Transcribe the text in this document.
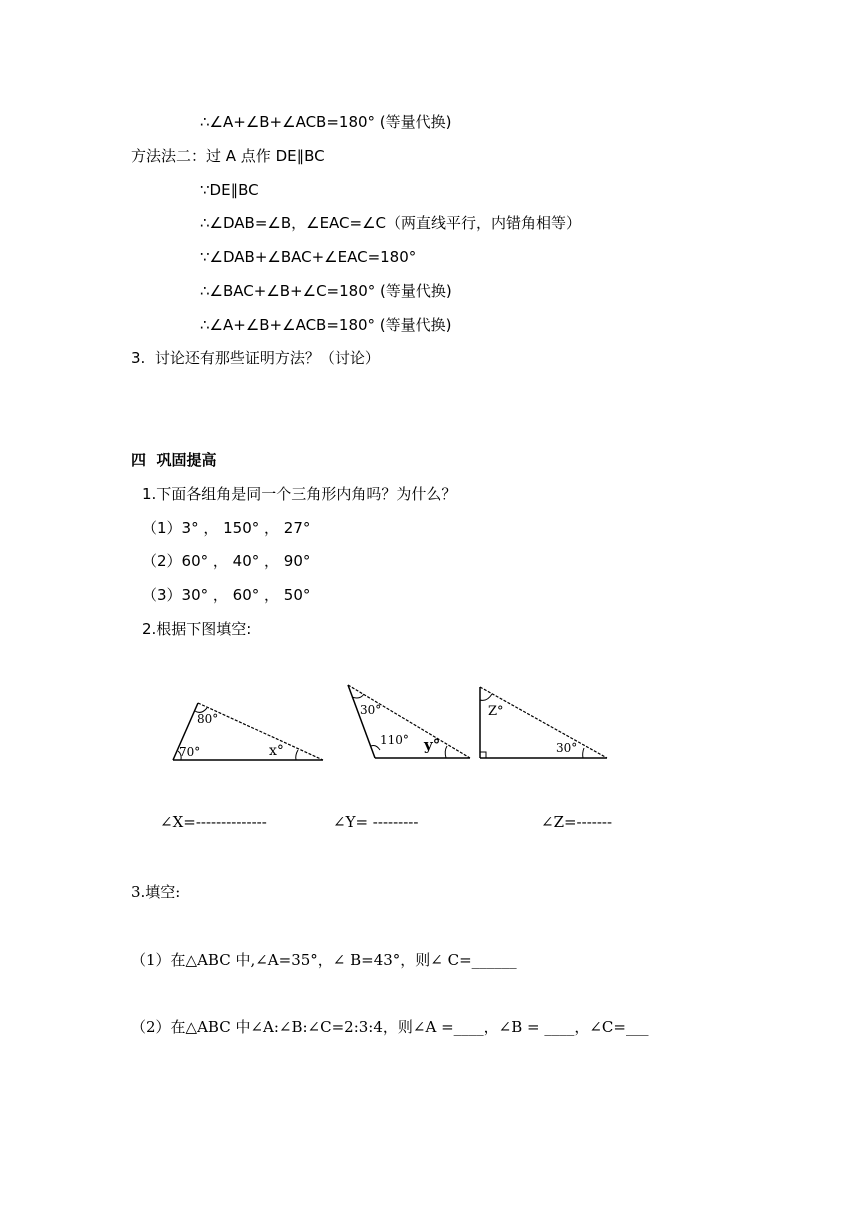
∴∠A+∠B+∠ACB=180° (等量代换)
方法法二：过 A 点作 DE∥BC
∵DE∥BC
∴∠DAB=∠B，∠EAC=∠C（两直线平行，内错角相等）
∵∠DAB+∠BAC+∠EAC=180°
∴∠BAC+∠B+∠C=180° (等量代换)
∴∠A+∠B+∠ACB=180° (等量代换)
3.  讨论还有那些证明方法？（讨论）
四  巩固提高
1.下面各组角是同一个三角形内角吗？为什么？
（1）3° ， 150° ， 27°
（2）60° ， 40° ， 90°
（3）30° ， 60° ， 50°
2.根据下图填空:
80°
70°	x°
30°
110° y°
Z°
30°
∠X=--------------	∠Y= ---------	∠Z=-------
3.填空:
（1）在△ABC 中,∠A=35°，∠ B=43°，则∠ C=______
（2）在△ABC 中∠A:∠B:∠C=2:3:4，则∠A =____，∠B = ____，∠C=___
